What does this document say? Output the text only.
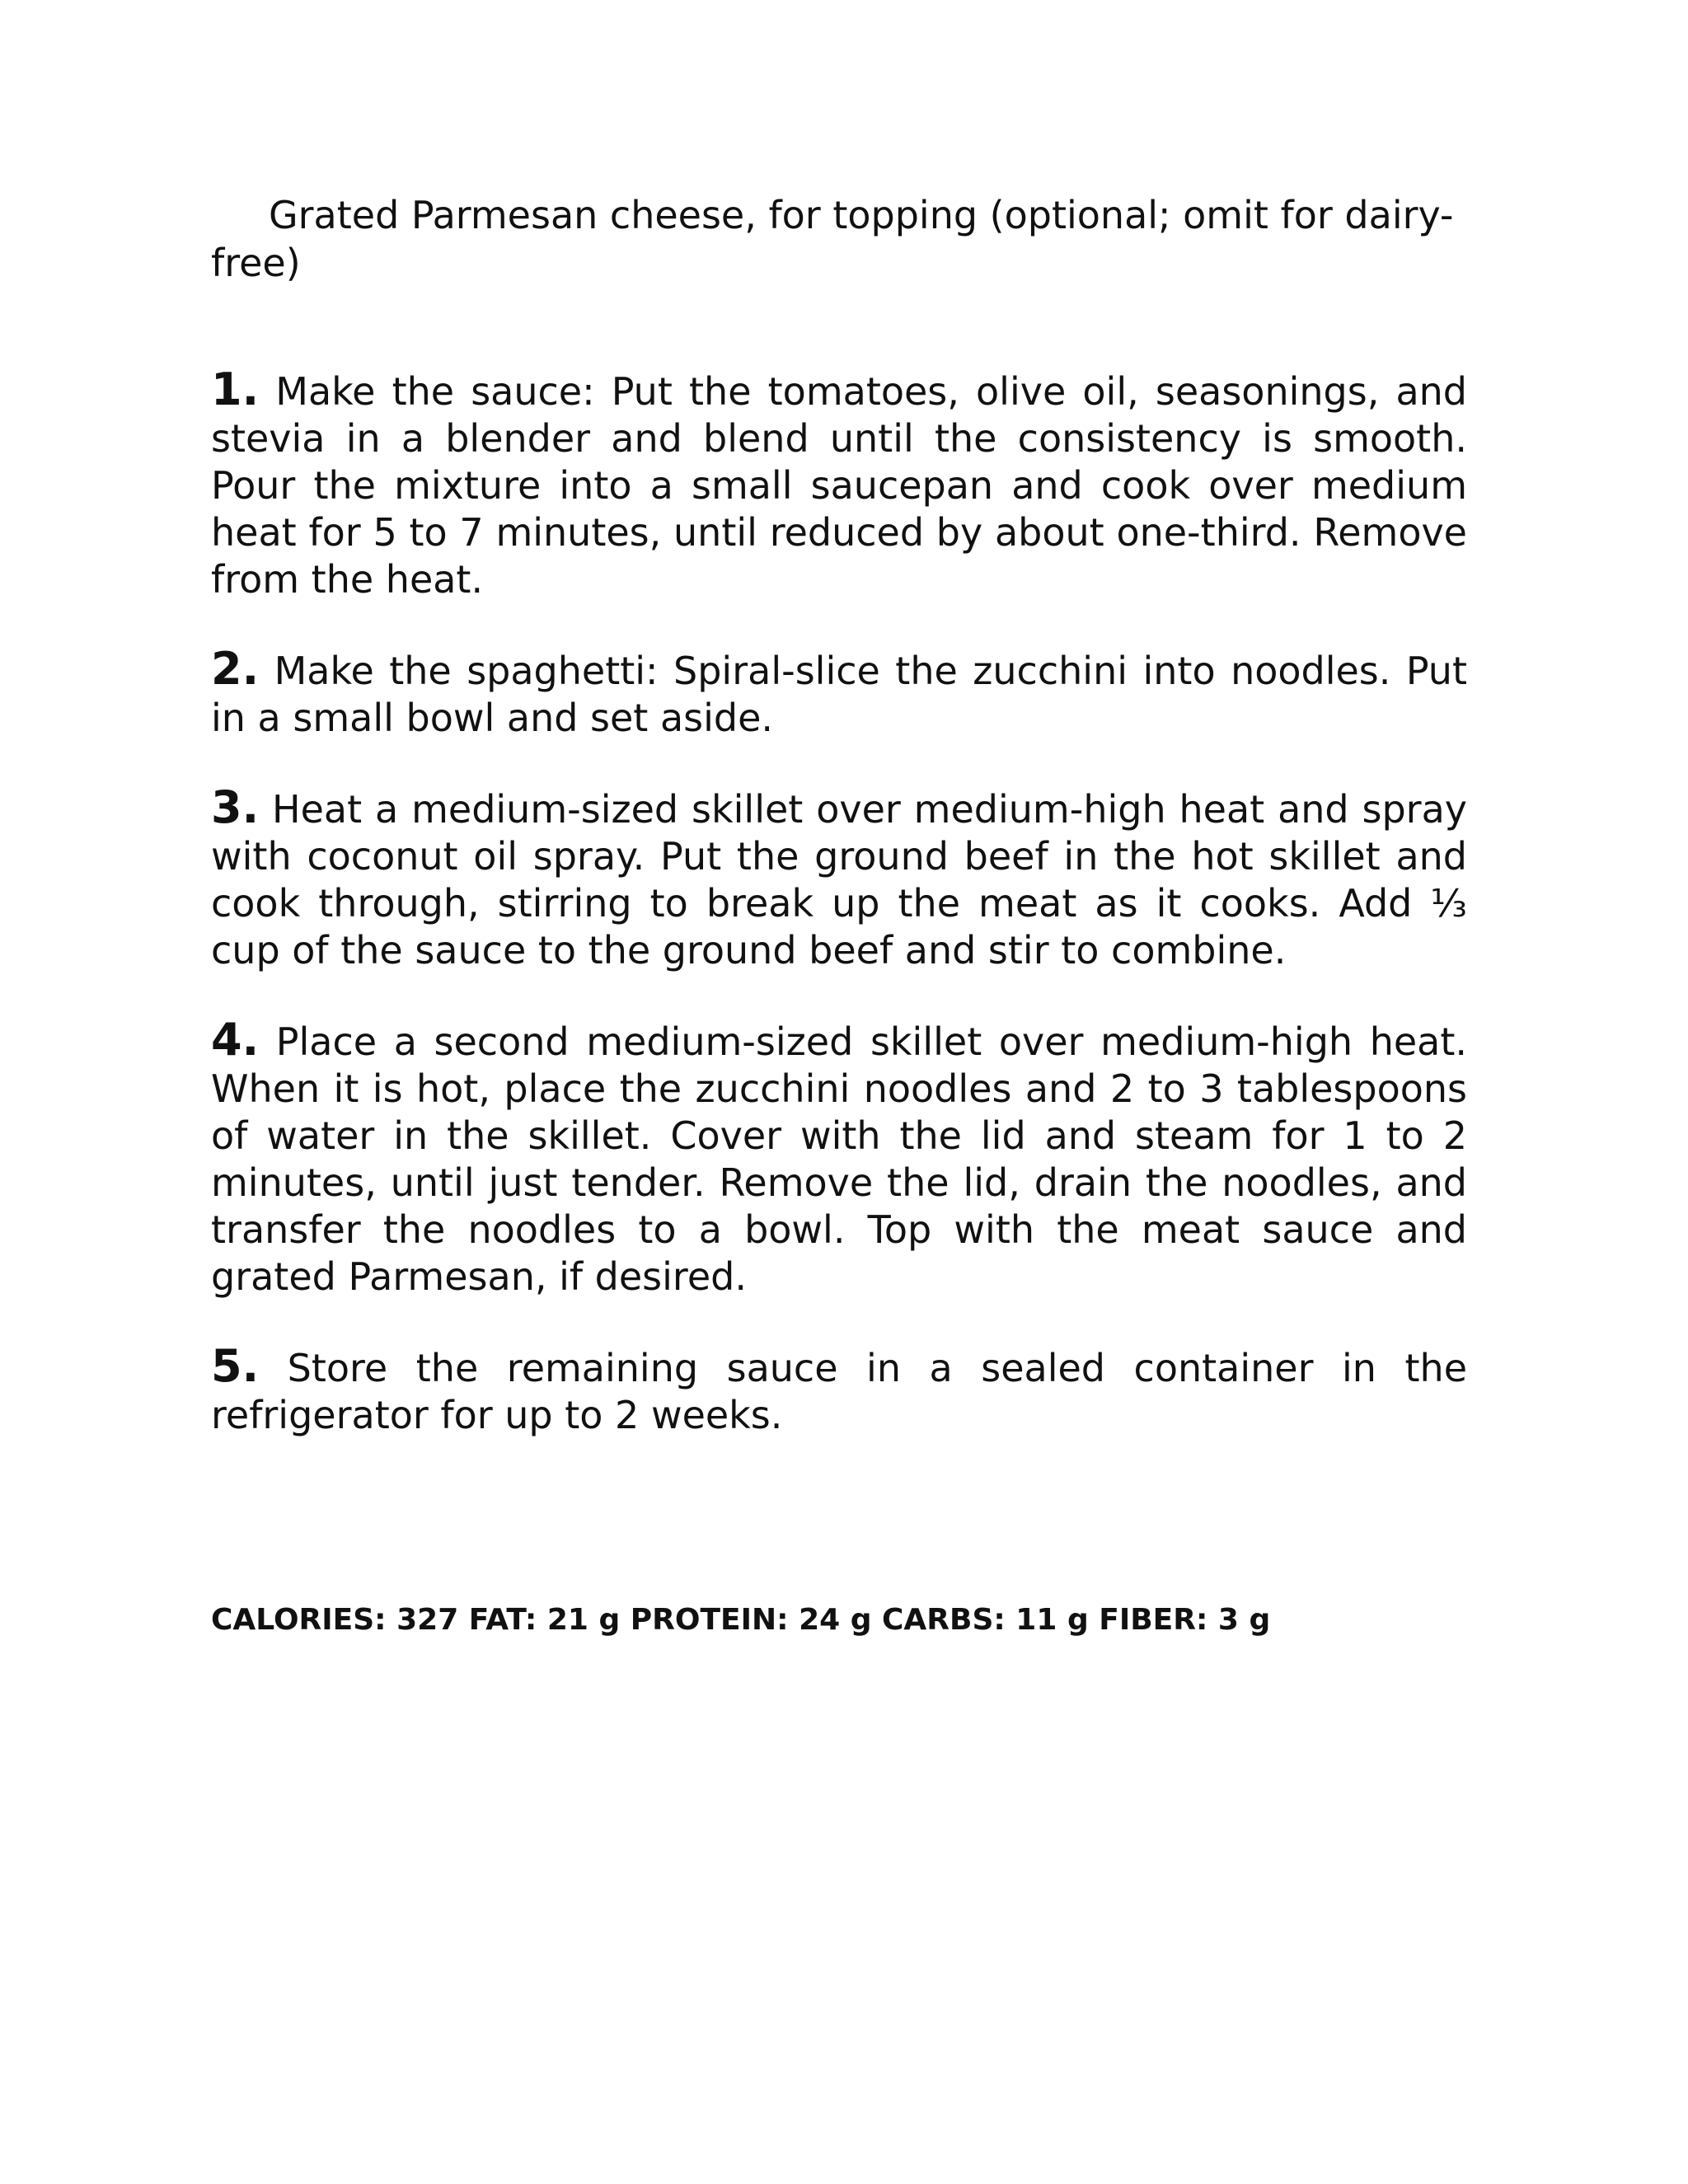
Grated Parmesan cheese, for topping (optional; omit for dairy-free)

1. Make the sauce: Put the tomatoes, olive oil, seasonings, and stevia in a blender and blend until the consistency is smooth. Pour the mixture into a small saucepan and cook over medium heat for 5 to 7 minutes, until reduced by about one-third. Remove from the heat.

2. Make the spaghetti: Spiral-slice the zucchini into noodles. Put in a small bowl and set aside.

3. Heat a medium-sized skillet over medium-high heat and spray with coconut oil spray. Put the ground beef in the hot skillet and cook through, stirring to break up the meat as it cooks. Add ⅓ cup of the sauce to the ground beef and stir to combine.

4. Place a second medium-sized skillet over medium-high heat. When it is hot, place the zucchini noodles and 2 to 3 tablespoons of water in the skillet. Cover with the lid and steam for 1 to 2 minutes, until just tender. Remove the lid, drain the noodles, and transfer the noodles to a bowl. Top with the meat sauce and grated Parmesan, if desired.

5. Store the remaining sauce in a sealed container in the refrigerator for up to 2 weeks.

CALORIES: 327 FAT: 21 g PROTEIN: 24 g CARBS: 11 g FIBER: 3 g
